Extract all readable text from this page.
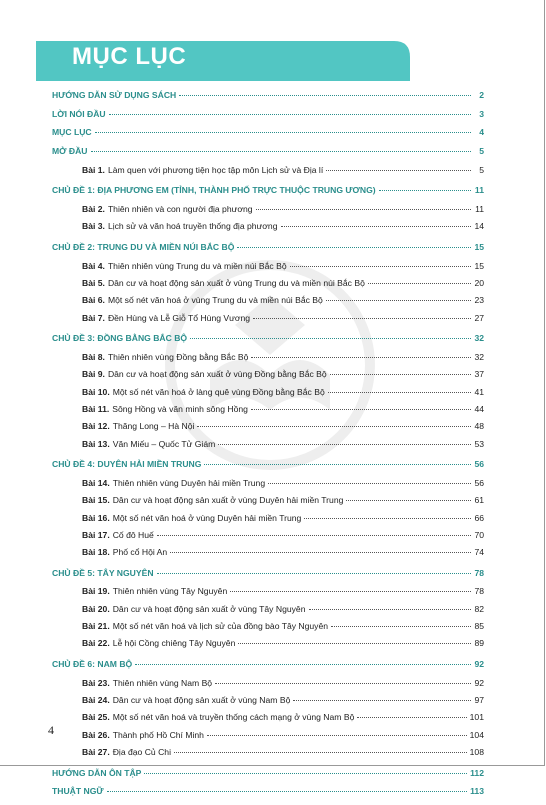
MỤC LỤC
HƯỚNG DẪN SỬ DỤNG SÁCH	2
LỜI NÓI ĐẦU	3
MỤC LỤC	4
MỞ ĐẦU	5
Bài 1. Làm quen với phương tiện học tập môn Lịch sử và Địa lí	5
CHỦ ĐỀ 1: ĐỊA PHƯƠNG EM (TỈNH, THÀNH PHỐ TRỰC THUỘC TRUNG ƯƠNG)	11
Bài 2. Thiên nhiên và con người địa phương	11
Bài 3. Lịch sử và văn hoá truyền thống địa phương	14
CHỦ ĐỀ 2: TRUNG DU VÀ MIỀN NÚI BẮC BỘ	15
Bài 4. Thiên nhiên vùng Trung du và miền núi Bắc Bộ	15
Bài 5. Dân cư và hoạt động sản xuất ở vùng Trung du và miền núi Bắc Bộ	20
Bài 6. Một số nét văn hoá ở vùng Trung du và miền núi Bắc Bộ	23
Bài 7. Đền Hùng và Lễ Giỗ Tổ Hùng Vương	27
CHỦ ĐỀ 3: ĐỒNG BẰNG BẮC BỘ	32
Bài 8. Thiên nhiên vùng Đồng bằng Bắc Bộ	32
Bài 9. Dân cư và hoạt động sản xuất ở vùng Đồng bằng Bắc Bộ	37
Bài 10. Một số nét văn hoá ở làng quê vùng Đồng bằng Bắc Bộ	41
Bài 11. Sông Hồng và văn minh sông Hồng	44
Bài 12. Thăng Long – Hà Nội	48
Bài 13. Văn Miếu – Quốc Tử Giám	53
CHỦ ĐỀ 4: DUYÊN HẢI MIỀN TRUNG	56
Bài 14. Thiên nhiên vùng Duyên hải miền Trung	56
Bài 15. Dân cư và hoạt động sản xuất ở vùng Duyên hải miền Trung	61
Bài 16. Một số nét văn hoá ở vùng Duyên hải miền Trung	66
Bài 17. Cố đô Huế	70
Bài 18. Phố cổ Hội An	74
CHỦ ĐỀ 5: TÂY NGUYÊN	78
Bài 19. Thiên nhiên vùng Tây Nguyên	78
Bài 20. Dân cư và hoạt động sản xuất ở vùng Tây Nguyên	82
Bài 21. Một số nét văn hoá và lịch sử của đồng bào Tây Nguyên	85
Bài 22. Lễ hội Cồng chiêng Tây Nguyên	89
CHỦ ĐỀ 6: NAM BỘ	92
Bài 23. Thiên nhiên vùng Nam Bộ	92
Bài 24. Dân cư và hoạt động sản xuất ở vùng Nam Bộ	97
Bài 25. Một số nét văn hoá và truyền thống cách mạng ở vùng Nam Bộ	101
Bài 26. Thành phố Hồ Chí Minh	104
Bài 27. Địa đạo Củ Chi	108
HƯỚNG DẪN ÔN TẬP	112
THUẬT NGỮ	113
4
